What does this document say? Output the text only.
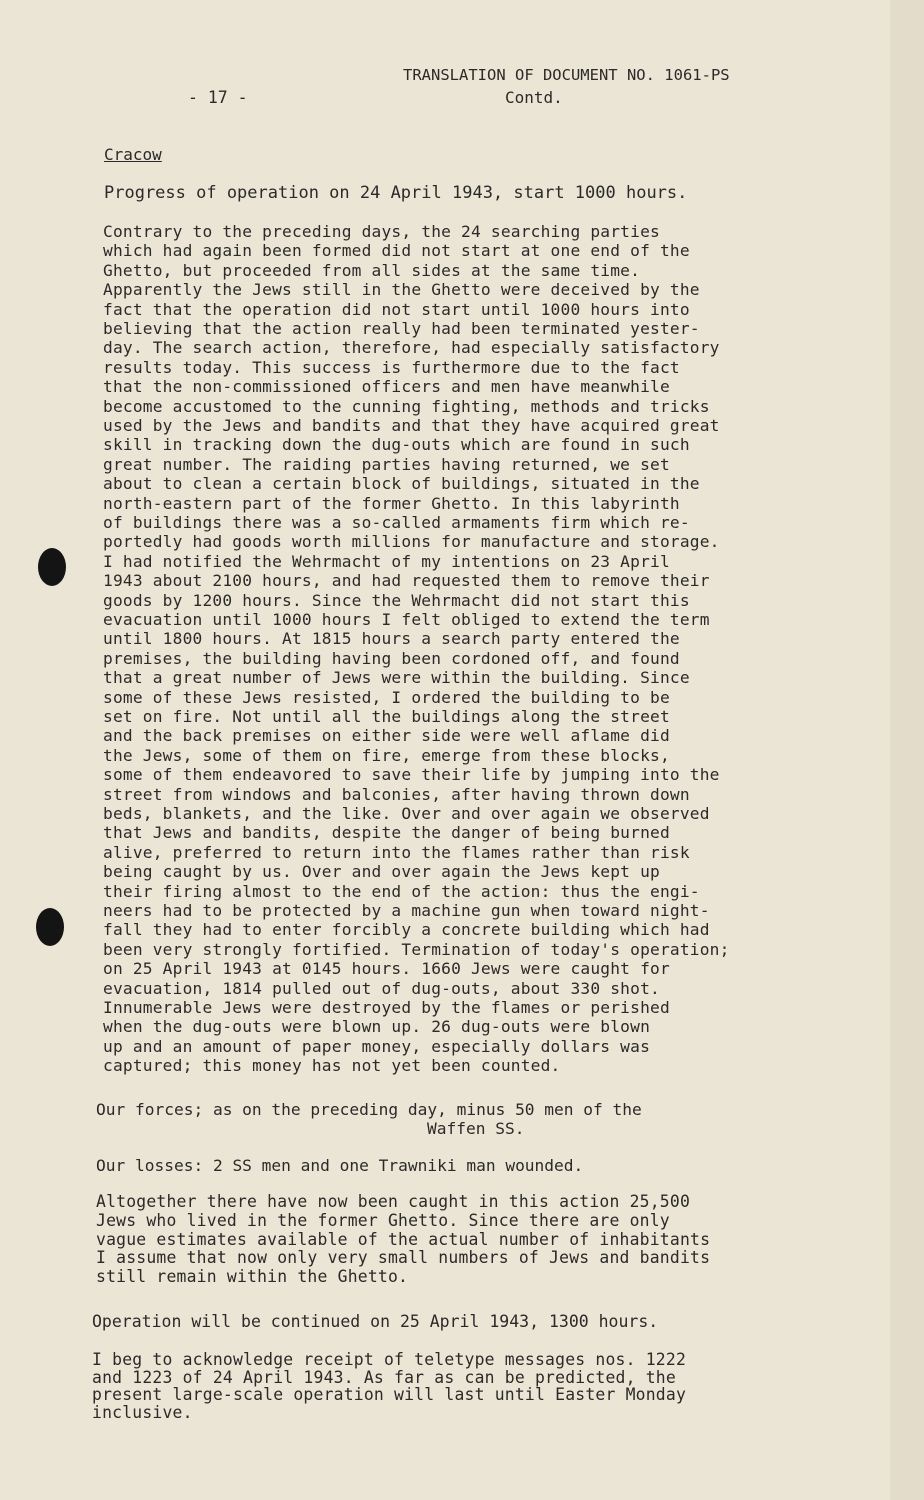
- 17 -
TRANSLATION OF DOCUMENT NO. 1061-PS
Contd.
Cracow
Progress of operation on 24 April 1943, start 1000 hours.
Contrary to the preceding days, the 24 searching parties
which had again been formed did not start at one end of the
Ghetto, but proceeded from all sides at the same time.
Apparently the Jews still in the Ghetto were deceived by the
fact that the operation did not start until 1000 hours into
believing that the action really had been terminated yester-
day. The search action, therefore, had especially satisfactory
results today. This success is furthermore due to the fact
that the non-commissioned officers and men have meanwhile
become accustomed to the cunning fighting, methods and tricks
used by the Jews and bandits and that they have acquired great
skill in tracking down the dug-outs which are found in such
great number. The raiding parties having returned, we set
about to clean a certain block of buildings, situated in the
north-eastern part of the former Ghetto. In this labyrinth
of buildings there was a so-called armaments firm which re-
portedly had goods worth millions for manufacture and storage.
I had notified the Wehrmacht of my intentions on 23 April
1943 about 2100 hours, and had requested them to remove their
goods by 1200 hours. Since the Wehrmacht did not start this
evacuation until 1000 hours I felt obliged to extend the term
until 1800 hours. At 1815 hours a search party entered the
premises, the building having been cordoned off, and found
that a great number of Jews were within the building. Since
some of these Jews resisted, I ordered the building to be
set on fire. Not until all the buildings along the street
and the back premises on either side were well aflame did
the Jews, some of them on fire, emerge from these blocks,
some of them endeavored to save their life by jumping into the
street from windows and balconies, after having thrown down
beds, blankets, and the like. Over and over again we observed
that Jews and bandits, despite the danger of being burned
alive, preferred to return into the flames rather than risk
being caught by us. Over and over again the Jews kept up
their firing almost to the end of the action: thus the engi-
neers had to be protected by a machine gun when toward night-
fall they had to enter forcibly a concrete building which had
been very strongly fortified. Termination of today's operation;
on 25 April 1943 at 0145 hours. 1660 Jews were caught for
evacuation, 1814 pulled out of dug-outs, about 330 shot.
Innumerable Jews were destroyed by the flames or perished
when the dug-outs were blown up. 26 dug-outs were blown
up and an amount of paper money, especially dollars was
captured; this money has not yet been counted.
Our forces; as on the preceding day, minus 50 men of the
Waffen SS.
Our losses: 2 SS men and one Trawniki man wounded.
Altogether there have now been caught in this action 25,500
Jews who lived in the former Ghetto. Since there are only
vague estimates available of the actual number of inhabitants
I assume that now only very small numbers of Jews and bandits
still remain within the Ghetto.
Operation will be continued on 25 April 1943, 1300 hours.
I beg to acknowledge receipt of teletype messages nos. 1222
and 1223 of 24 April 1943. As far as can be predicted, the
present large-scale operation will last until Easter Monday
inclusive.
